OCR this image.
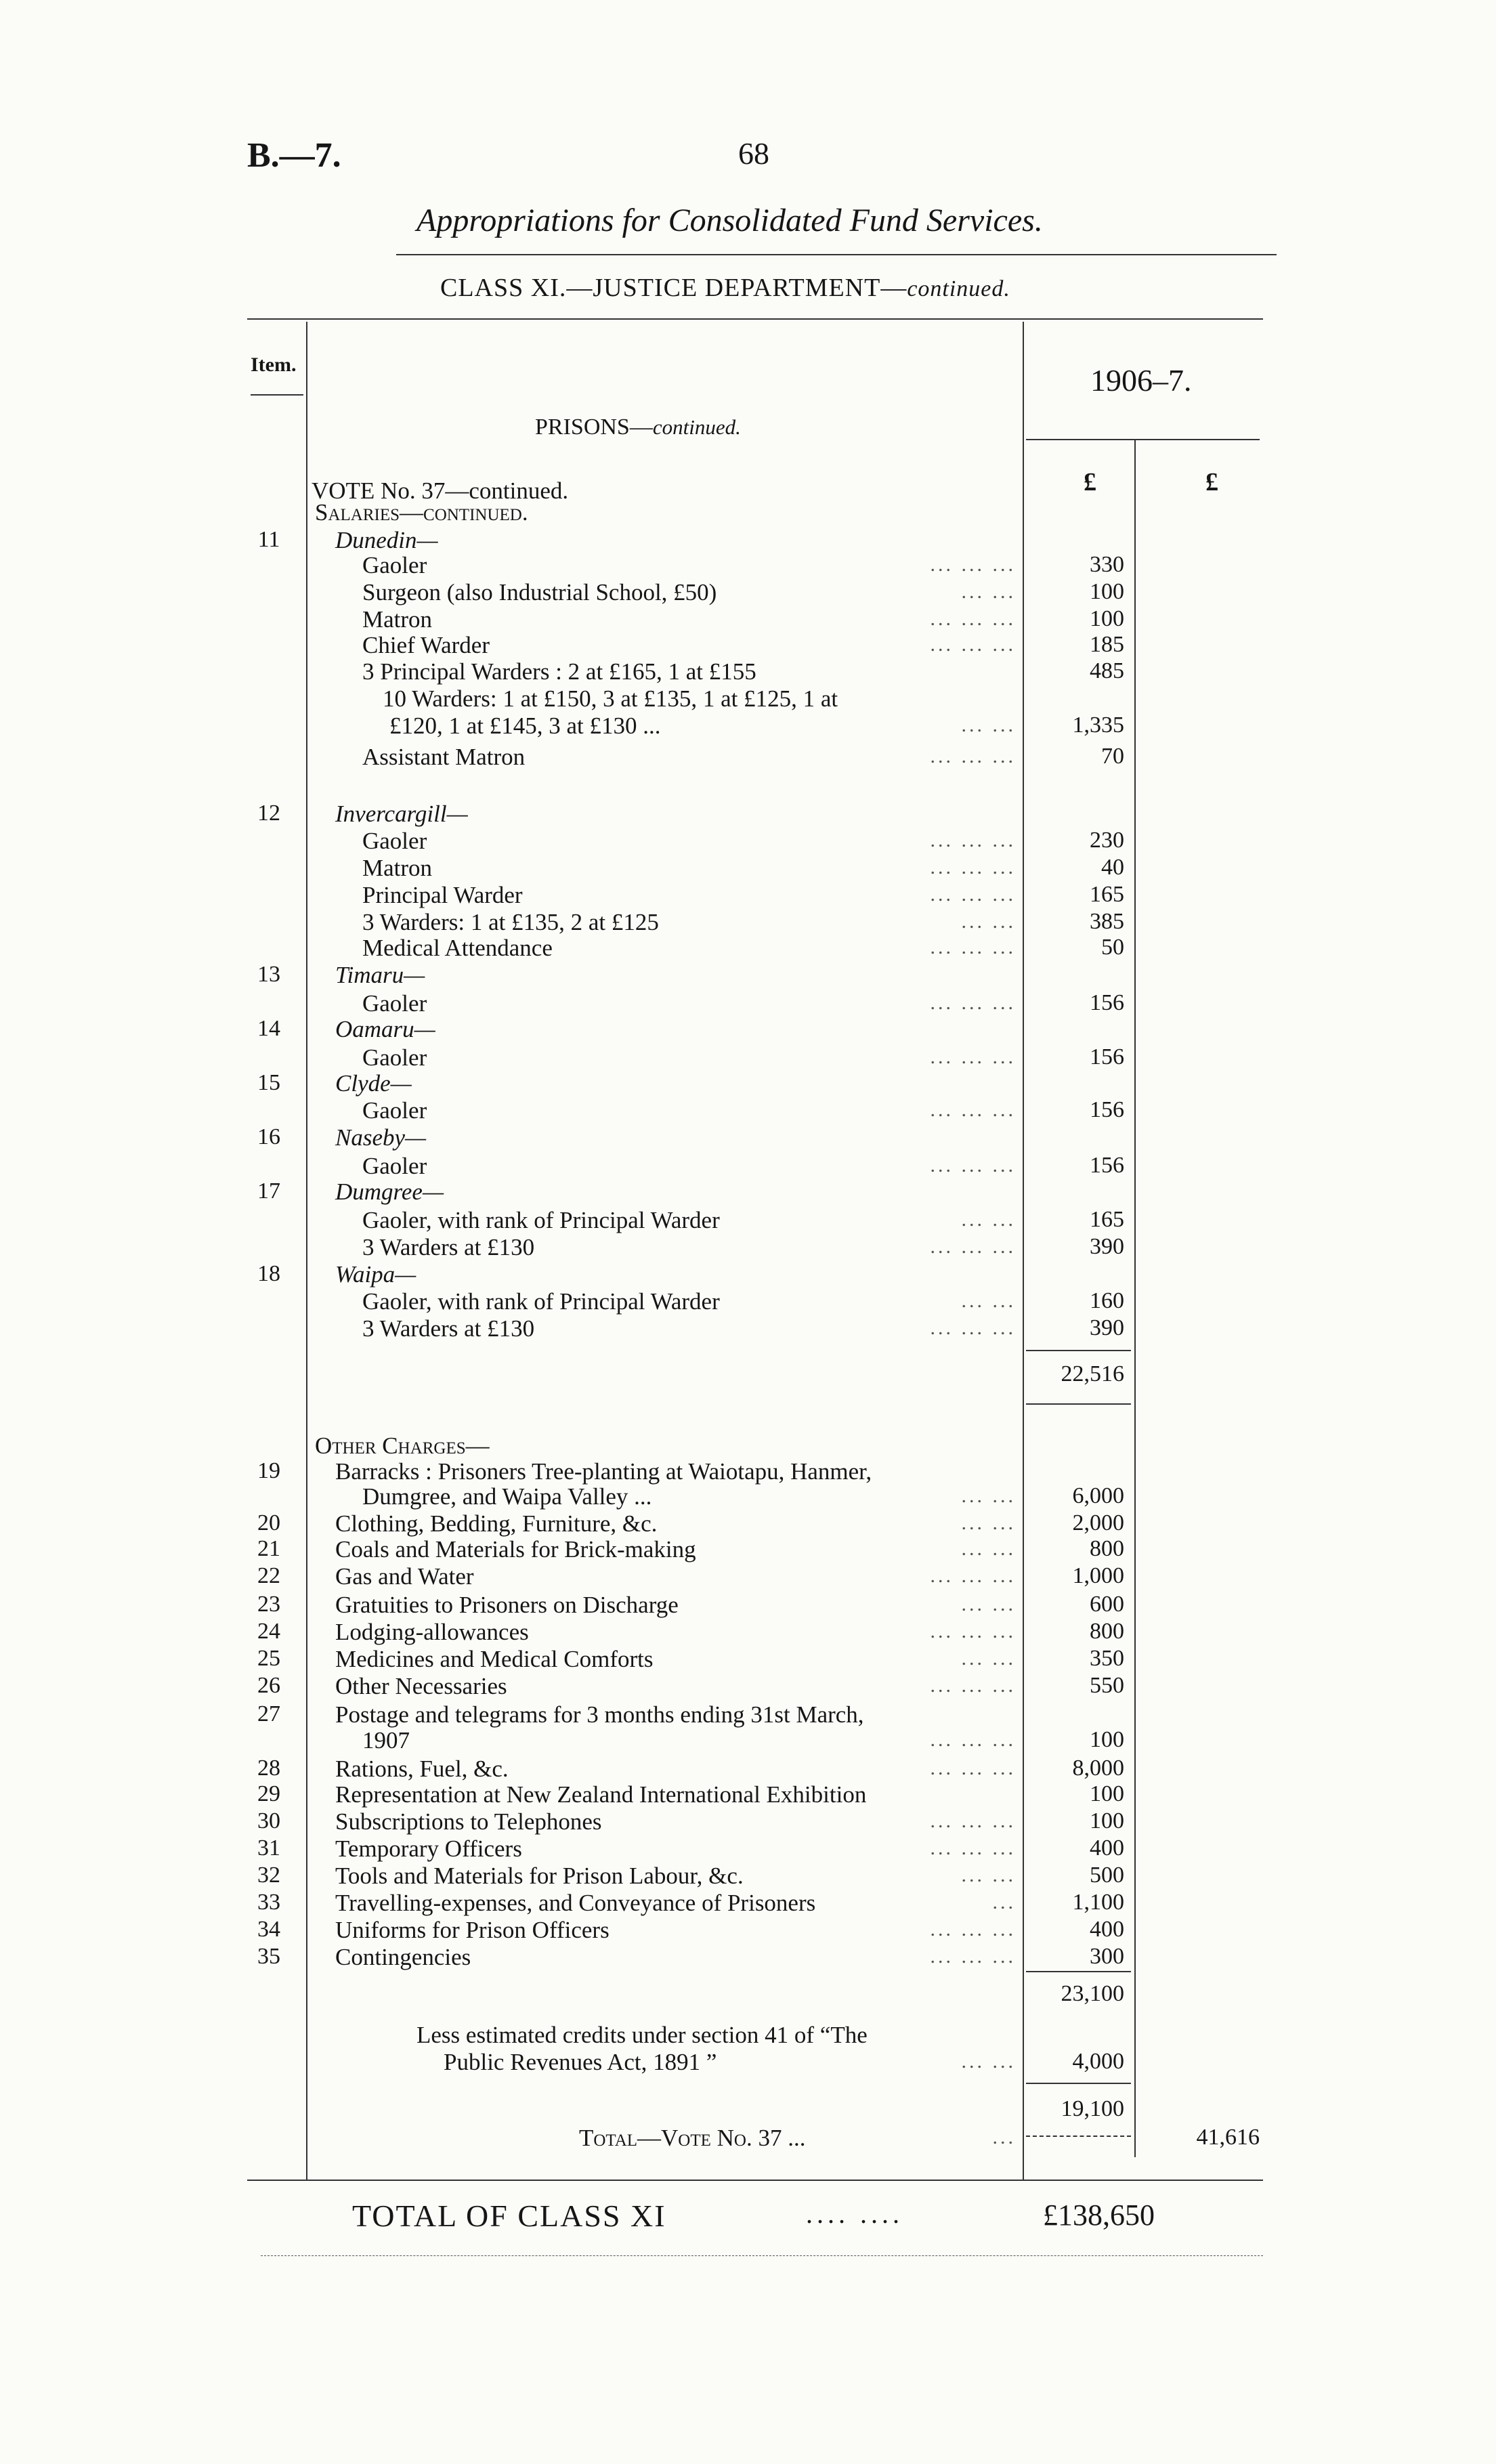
B.—7.	68
Appropriations for Consolidated Fund Services.
CLASS XI.—JUSTICE DEPARTMENT—continued.
Item.	1906–7.
PRISONS—continued.
£	£
VOTE No. 37—continued.
Salaries—continued.
11	Dunedin—
Gaoler	... ... ...	330
Surgeon (also Industrial School, £50)	... ...	100
Matron	... ... ...	100
Chief Warder	... ... ...	185
3 Principal Warders : 2 at £165, 1 at £155	485
10 Warders: 1 at £150, 3 at £135, 1 at £125, 1 at
£120, 1 at £145, 3 at £130 ...	... ...	1,335
Assistant Matron	... ... ...	70
12	Invercargill—
Gaoler	... ... ...	230
Matron	... ... ...	40
Principal Warder	... ... ...	165
3 Warders: 1 at £135, 2 at £125	... ...	385
Medical Attendance	... ... ...	50
13	Timaru—
Gaoler	... ... ...	156
14	Oamaru—
Gaoler	... ... ...	156
15	Clyde—
Gaoler	... ... ...	156
16	Naseby—
Gaoler	... ... ...	156
17	Dumgree—
Gaoler, with rank of Principal Warder	... ...	165
3 Warders at £130	... ... ...	390
18	Waipa—
Gaoler, with rank of Principal Warder	... ...	160
3 Warders at £130	... ... ...	390
22,516
Other Charges—
19	Barracks : Prisoners Tree-planting at Waiotapu, Hanmer,
Dumgree, and Waipa Valley ...	... ...	6,000
20	Clothing, Bedding, Furniture, &c.	... ...	2,000
21	Coals and Materials for Brick-making	... ...	800
22	Gas and Water	... ... ...	1,000
23	Gratuities to Prisoners on Discharge	... ...	600
24	Lodging-allowances	... ... ...	800
25	Medicines and Medical Comforts	... ...	350
26	Other Necessaries	... ... ...	550
27	Postage and telegrams for 3 months ending 31st March,
1907	... ... ...	100
28	Rations, Fuel, &c.	... ... ...	8,000
29	Representation at New Zealand International Exhibition	100
30	Subscriptions to Telephones	... ... ...	100
31	Temporary Officers	... ... ...	400
32	Tools and Materials for Prison Labour, &c.	... ...	500
33	Travelling-expenses, and Conveyance of Prisoners	...	1,100
34	Uniforms for Prison Officers	... ... ...	400
35	Contingencies	... ... ...	300
23,100
Less estimated credits under section 41 of “The
Public Revenues Act, 1891 ”	... ...	4,000
19,100
Total—Vote No. 37 ...	...	41,616
TOTAL OF CLASS XI	.... ....	£138,650
